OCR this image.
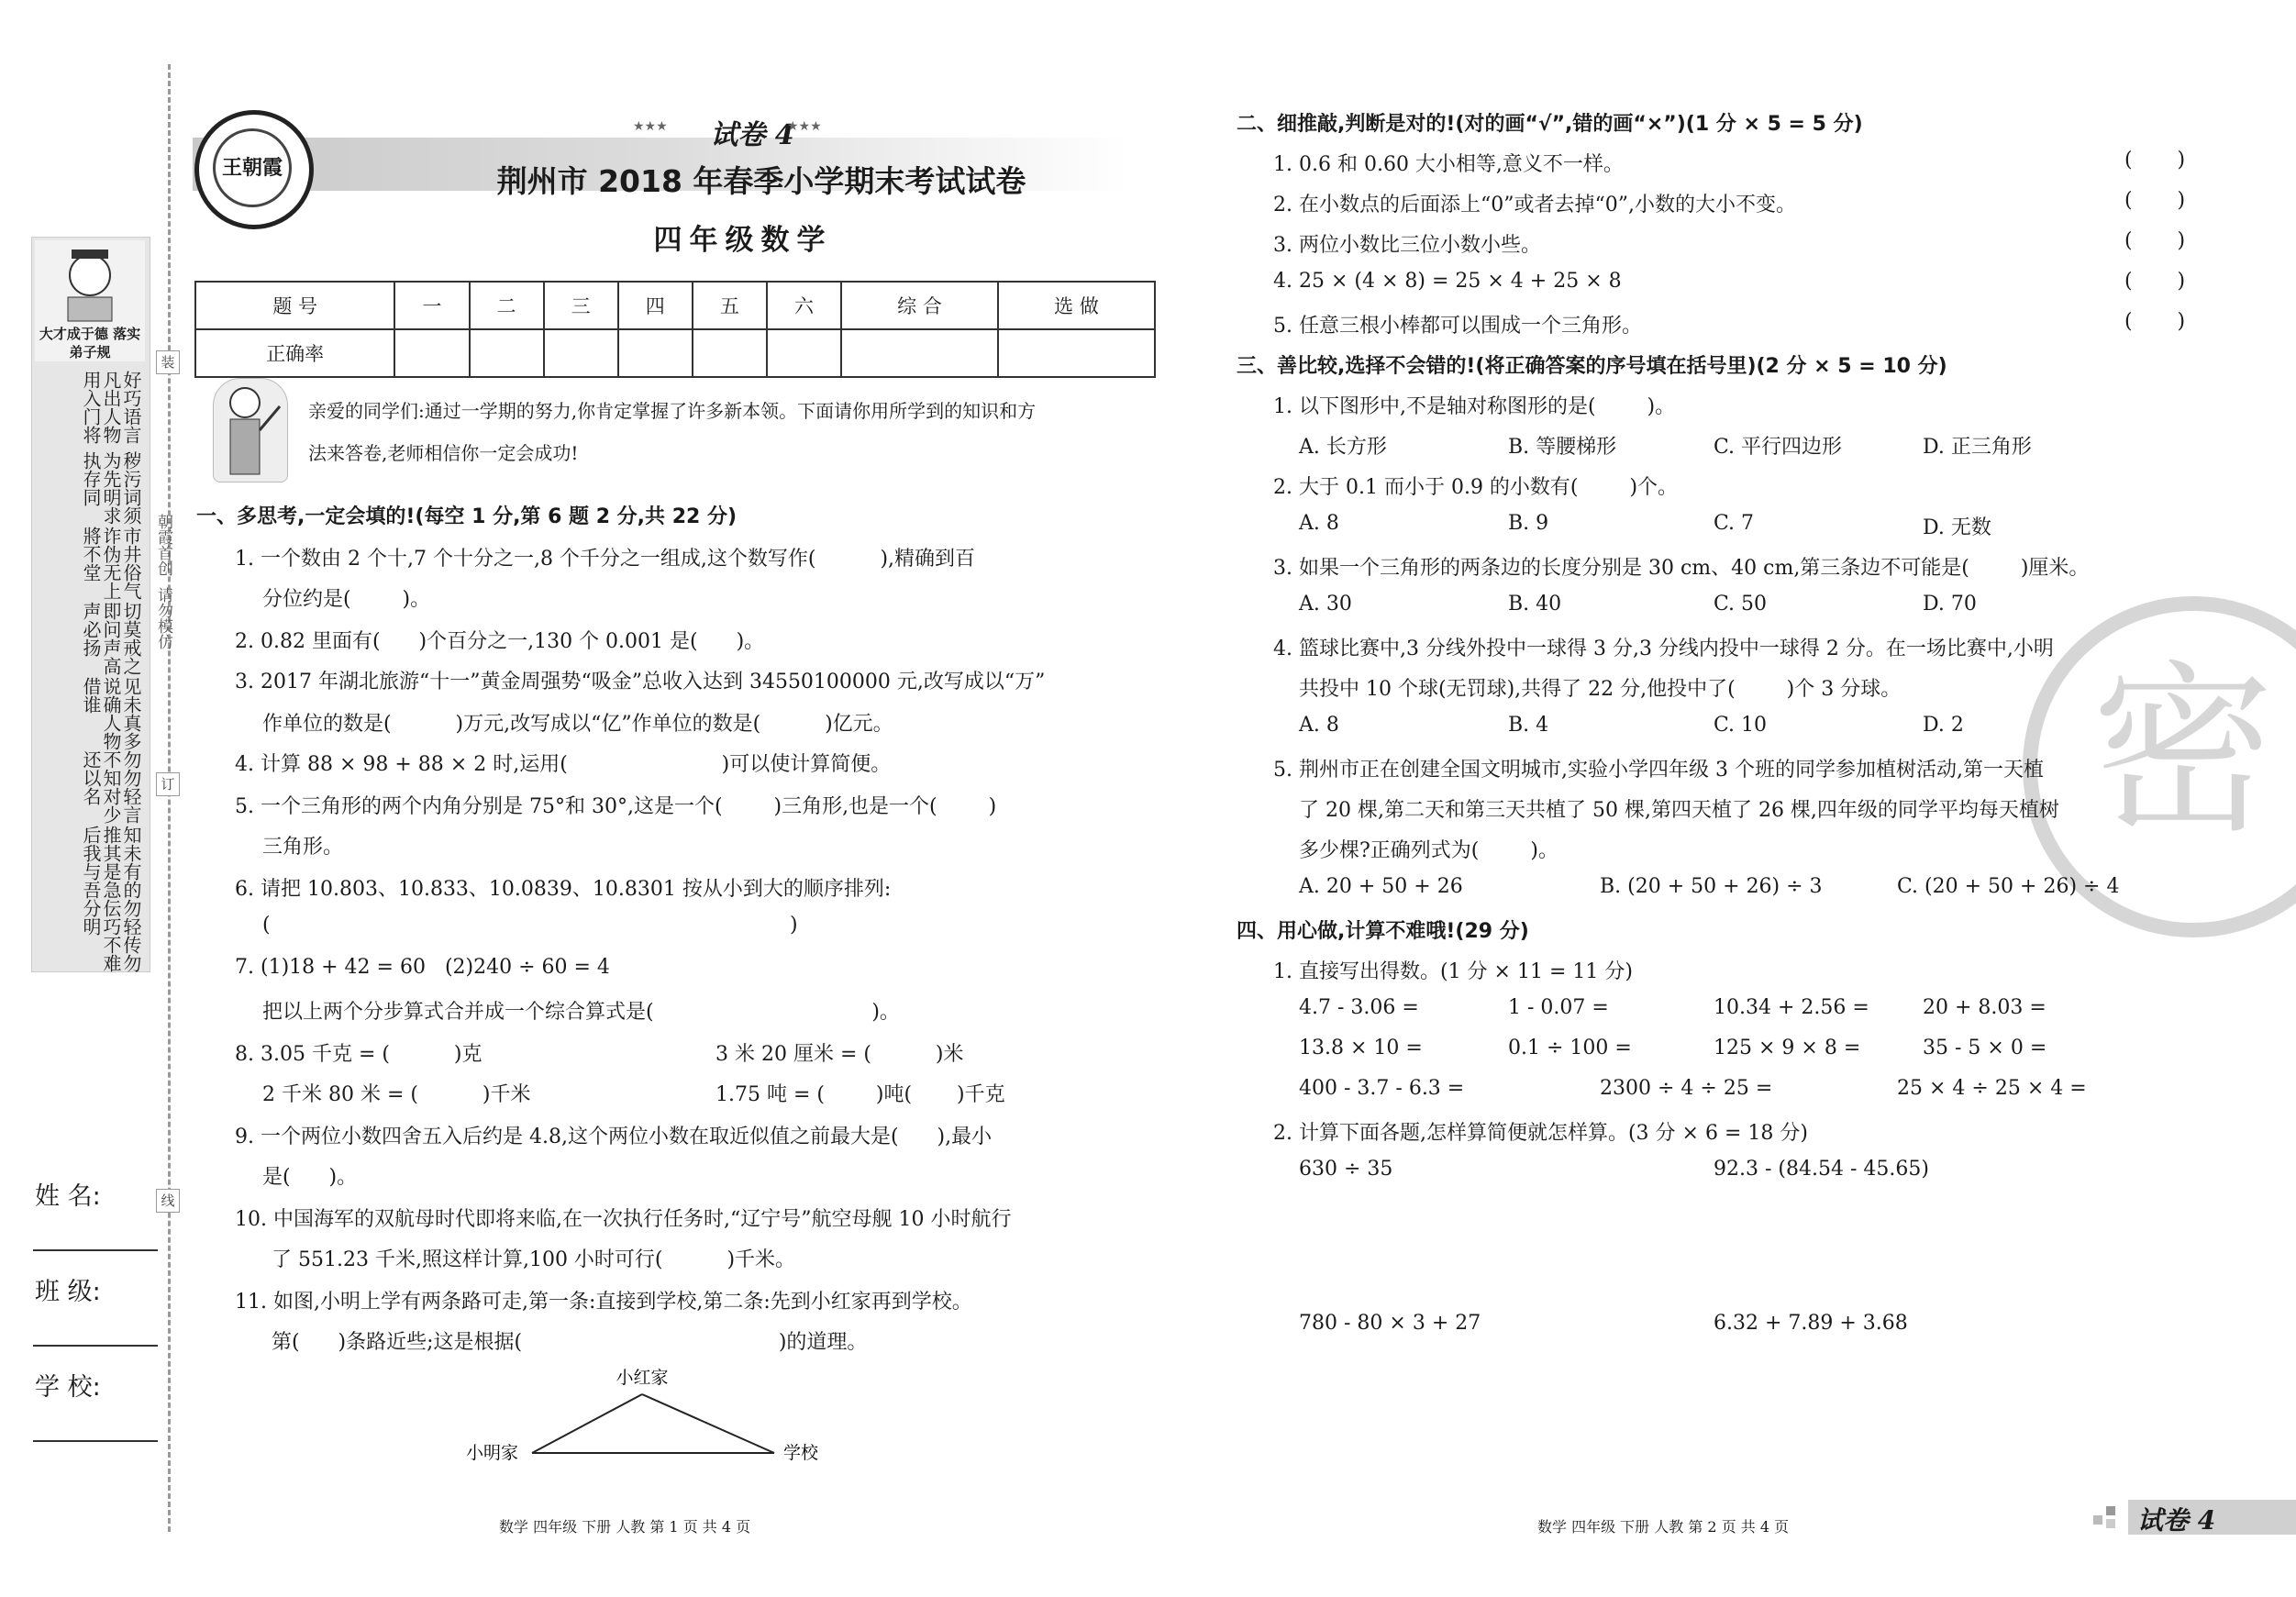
大才成于德 落实弟子规
好巧语言凡出人物用入门将
秽污词须为先明求执存同
市井俗气诈伪无上將不堂
切莫戒之即问声高声必扬
见未真多说确人物借谁
勿勿轻言不知对少还以名
知未有的推其是急后我与吾
勿轻传勿伝巧不难分明
朝霞首创
请勿模仿
装
订
线
姓 名:
班 级:
学 校:
王朝霞
★★★	试卷 4
★★★
荆州市 2018 年春季小学期末考试试卷
四年级数学
题 号	一	二	三	四	五	六	综 合	选 做
正确率								
亲爱的同学们:通过一学期的努力,你肯定掌握了许多新本领。下面请你用所学到的知识和方
法来答卷,老师相信你一定会成功!
一、多思考,一定会填的!(每空 1 分,第 6 题 2 分,共 22 分)
1. 一个数由 2 个十,7 个十分之一,8 个千分之一组成,这个数写作(          ),精确到百
分位约是(        )。
2. 0.82 里面有(      )个百分之一,130 个 0.001 是(      )。
3. 2017 年湖北旅游“十一”黄金周强势“吸金”总收入达到 34550100000 元,改写成以“万”
作单位的数是(          )万元,改写成以“亿”作单位的数是(          )亿元。
4. 计算 88 × 98 + 88 × 2 时,运用(                        )可以使计算简便。
5. 一个三角形的两个内角分别是 75°和 30°,这是一个(        )三角形,也是一个(        )
三角形。
6. 请把 10.803、10.833、10.0839、10.8301 按从小到大的顺序排列:
(                                                                                 )
7. (1)18 + 42 = 60   (2)240 ÷ 60 = 4
把以上两个分步算式合并成一个综合算式是(                                  )。
8. 3.05 千克 = (          )克	3 米 20 厘米 = (          )米
2 千米 80 米 = (          )千米	1.75 吨 = (        )吨(       )千克
9. 一个两位小数四舍五入后约是 4.8,这个两位小数在取近似值之前最大是(      ),最小
是(      )。
10. 中国海军的双航母时代即将来临,在一次执行任务时,“辽宁号”航空母舰 10 小时航行
了 551.23 千米,照这样计算,100 小时可行(          )千米。
11. 如图,小明上学有两条路可走,第一条:直接到学校,第二条:先到小红家再到学校。
第(      )条路近些;这是根据(                                        )的道理。
小红家
小明家	学校
密
二、细推敲,判断是对的!(对的画“√”,错的画“×”)(1 分 × 5 = 5 分)
1. 0.6 和 0.60 大小相等,意义不一样。	(       )
2. 在小数点的后面添上“0”或者去掉“0”,小数的大小不变。	(       )
3. 两位小数比三位小数小些。	(       )
4. 25 × (4 × 8) = 25 × 4 + 25 × 8	(       )
5. 任意三根小棒都可以围成一个三角形。	(       )
三、善比较,选择不会错的!(将正确答案的序号填在括号里)(2 分 × 5 = 10 分)
1. 以下图形中,不是轴对称图形的是(        )。
A. 长方形	B. 等腰梯形	C. 平行四边形	D. 正三角形
2. 大于 0.1 而小于 0.9 的小数有(        )个。
A. 8	B. 9	C. 7	D. 无数
3. 如果一个三角形的两条边的长度分别是 30 cm、40 cm,第三条边不可能是(        )厘米。
A. 30	B. 40	C. 50	D. 70
4. 篮球比赛中,3 分线外投中一球得 3 分,3 分线内投中一球得 2 分。在一场比赛中,小明
共投中 10 个球(无罚球),共得了 22 分,他投中了(        )个 3 分球。
A. 8	B. 4	C. 10	D. 2
5. 荆州市正在创建全国文明城市,实验小学四年级 3 个班的同学参加植树活动,第一天植
了 20 棵,第二天和第三天共植了 50 棵,第四天植了 26 棵,四年级的同学平均每天植树
多少棵?正确列式为(        )。
A. 20 + 50 + 26	B. (20 + 50 + 26) ÷ 3	C. (20 + 50 + 26) ÷ 4
四、用心做,计算不难哦!(29 分)
1. 直接写出得数。(1 分 × 11 = 11 分)
4.7 - 3.06 =	1 - 0.07 =	10.34 + 2.56 =	20 + 8.03 =
13.8 × 10 =	0.1 ÷ 100 =	125 × 9 × 8 =	35 - 5 × 0 =
400 - 3.7 - 6.3 =	2300 ÷ 4 ÷ 25 =	25 × 4 ÷ 25 × 4 =
2. 计算下面各题,怎样算简便就怎样算。(3 分 × 6 = 18 分)
630 ÷ 35	92.3 - (84.54 - 45.65)
780 - 80 × 3 + 27	6.32 + 7.89 + 3.68
数学 四年级 下册 人教 第 1 页 共 4 页	数学 四年级 下册 人教 第 2 页 共 4 页	试卷 4
